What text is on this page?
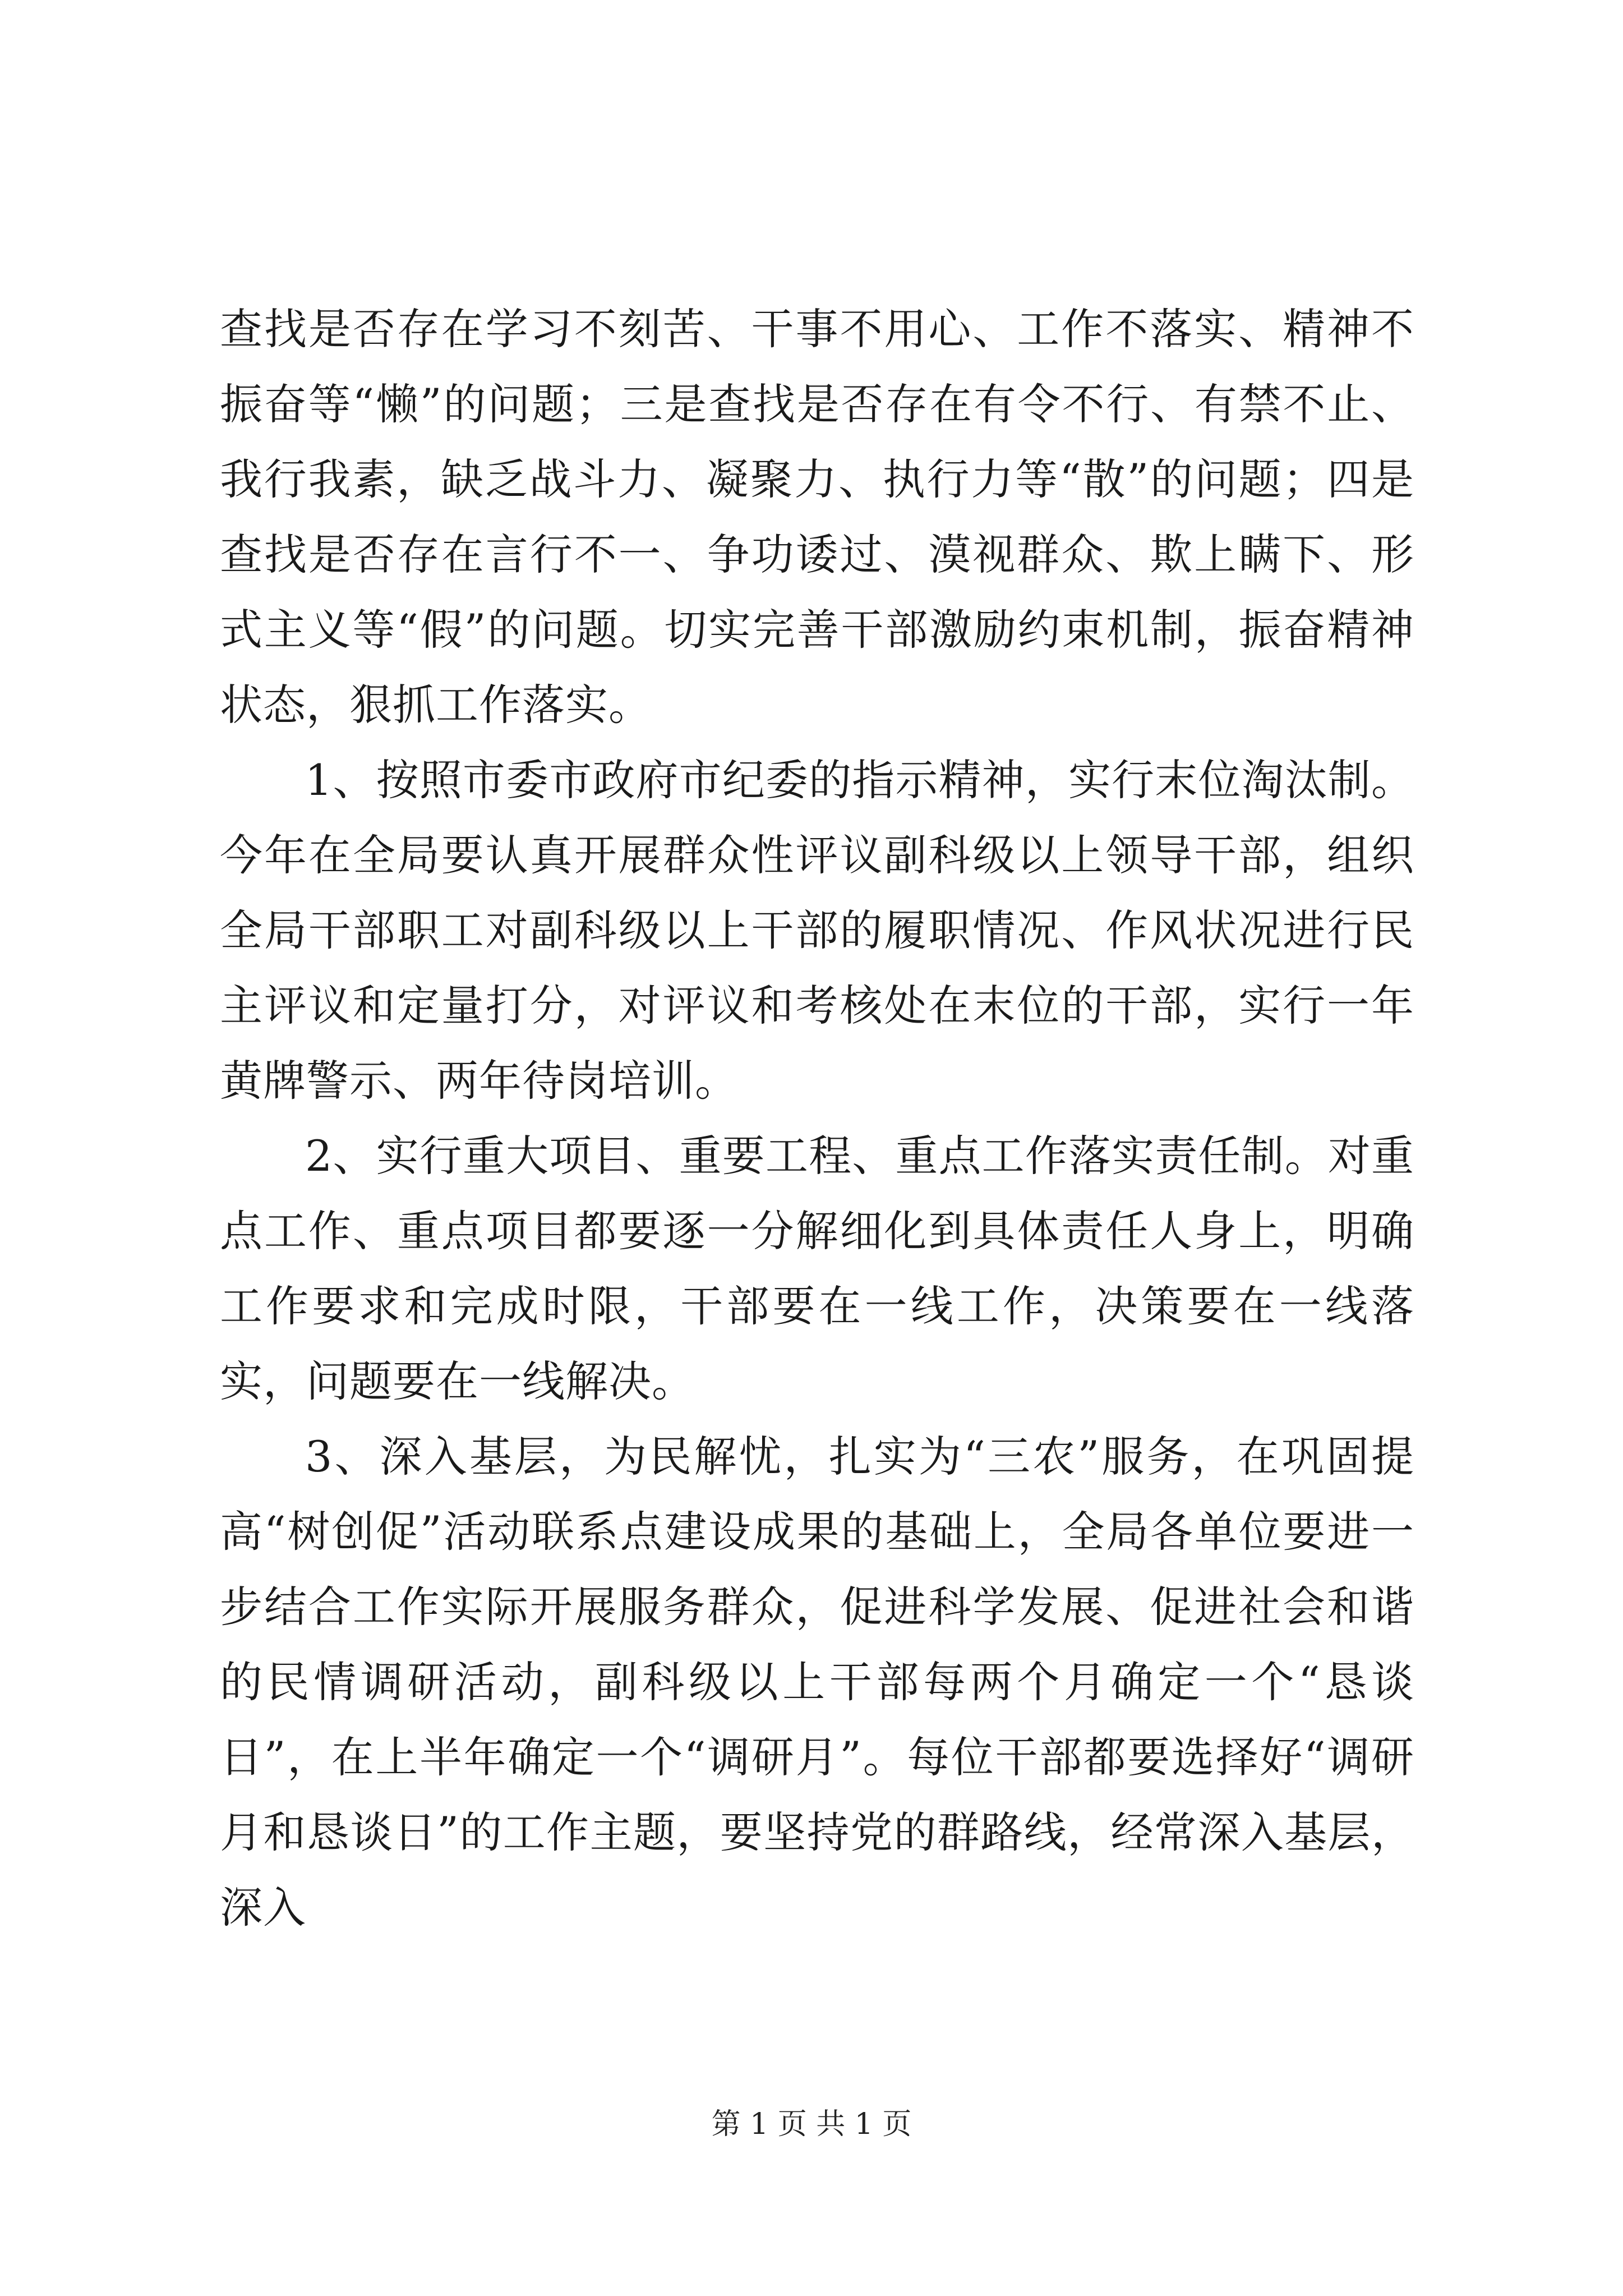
查找是否存在学习不刻苦、干事不用心、工作不落实、精神不振奋等“懒”的问题；三是查找是否存在有令不行、有禁不止、我行我素，缺乏战斗力、凝聚力、执行力等“散”的问题；四是查找是否存在言行不一、争功诿过、漠视群众、欺上瞒下、形式主义等“假”的问题。切实完善干部激励约束机制，振奋精神状态，狠抓工作落实。

1、按照市委市政府市纪委的指示精神，实行末位淘汰制。今年在全局要认真开展群众性评议副科级以上领导干部，组织全局干部职工对副科级以上干部的履职情况、作风状况进行民主评议和定量打分，对评议和考核处在末位的干部，实行一年黄牌警示、两年待岗培训。

2、实行重大项目、重要工程、重点工作落实责任制。对重点工作、重点项目都要逐一分解细化到具体责任人身上，明确工作要求和完成时限，干部要在一线工作，决策要在一线落实，问题要在一线解决。

3、深入基层，为民解忧，扎实为“三农”服务，在巩固提高“树创促”活动联系点建设成果的基础上，全局各单位要进一步结合工作实际开展服务群众，促进科学发展、促进社会和谐的民情调研活动，副科级以上干部每两个月确定一个“恳谈日”，在上半年确定一个“调研月”。每位干部都要选择好“调研月和恳谈日”的工作主题，要坚持党的群路线，经常深入基层，深入

第 1 页 共 1 页
